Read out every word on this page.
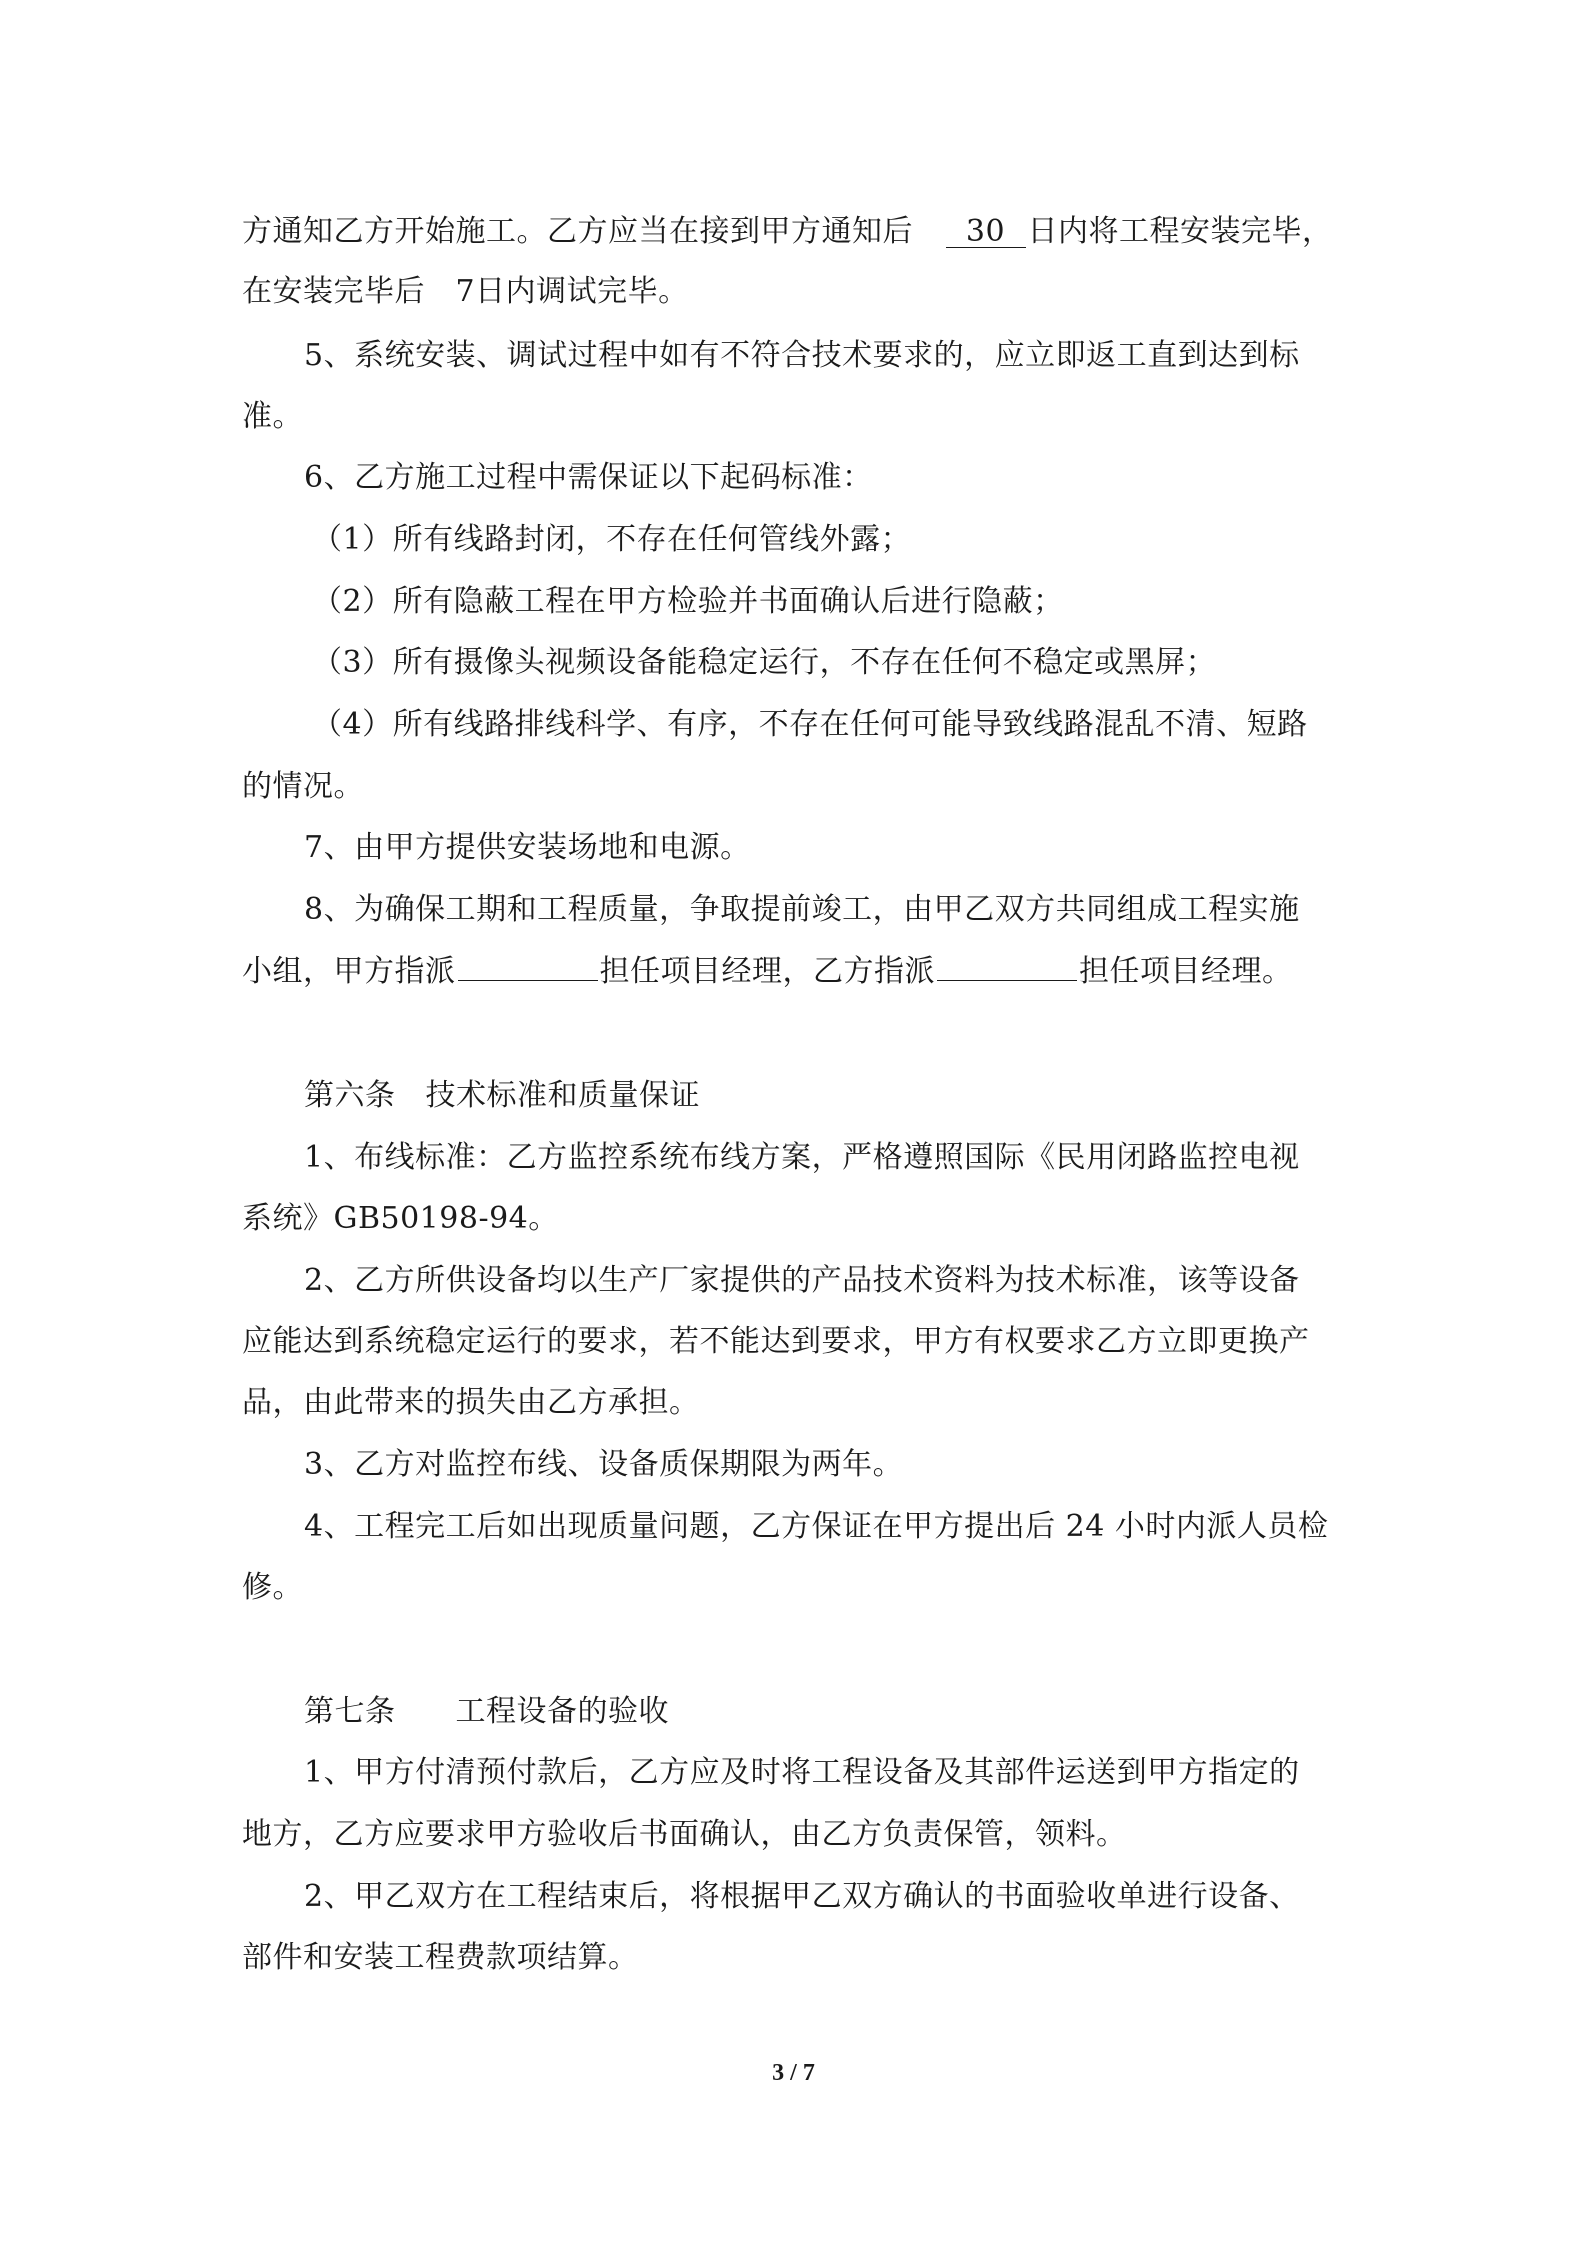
方通知乙方开始施工。乙方应当在接到甲方通知后　 30 日内将工程安装完毕，
在安装完毕后　7日内调试完毕。
5、系统安装、调试过程中如有不符合技术要求的，应立即返工直到达到标
准。
6、乙方施工过程中需保证以下起码标准：
（1）所有线路封闭，不存在任何管线外露；
（2）所有隐蔽工程在甲方检验并书面确认后进行隐蔽；
（3）所有摄像头视频设备能稳定运行，不存在任何不稳定或黑屏；
（4）所有线路排线科学、有序，不存在任何可能导致线路混乱不清、短路
的情况。
7、由甲方提供安装场地和电源。
8、为确保工期和工程质量，争取提前竣工，由甲乙双方共同组成工程实施
小组，甲方指派	担任项目经理，乙方指派	担任项目经理。
第六条 技术标准和质量保证
1、布线标准：乙方监控系统布线方案，严格遵照国际《民用闭路监控电视
系统》GB50198-94。
2、乙方所供设备均以生产厂家提供的产品技术资料为技术标准，该等设备
应能达到系统稳定运行的要求，若不能达到要求，甲方有权要求乙方立即更换产
品，由此带来的损失由乙方承担。
3、乙方对监控布线、设备质保期限为两年。
4、工程完工后如出现质量问题，乙方保证在甲方提出后 24 小时内派人员检
修。
第七条 工程设备的验收
1、甲方付清预付款后，乙方应及时将工程设备及其部件运送到甲方指定的
地方，乙方应要求甲方验收后书面确认，由乙方负责保管，领料。
2、甲乙双方在工程结束后，将根据甲乙双方确认的书面验收单进行设备、
部件和安装工程费款项结算。
3 / 7
